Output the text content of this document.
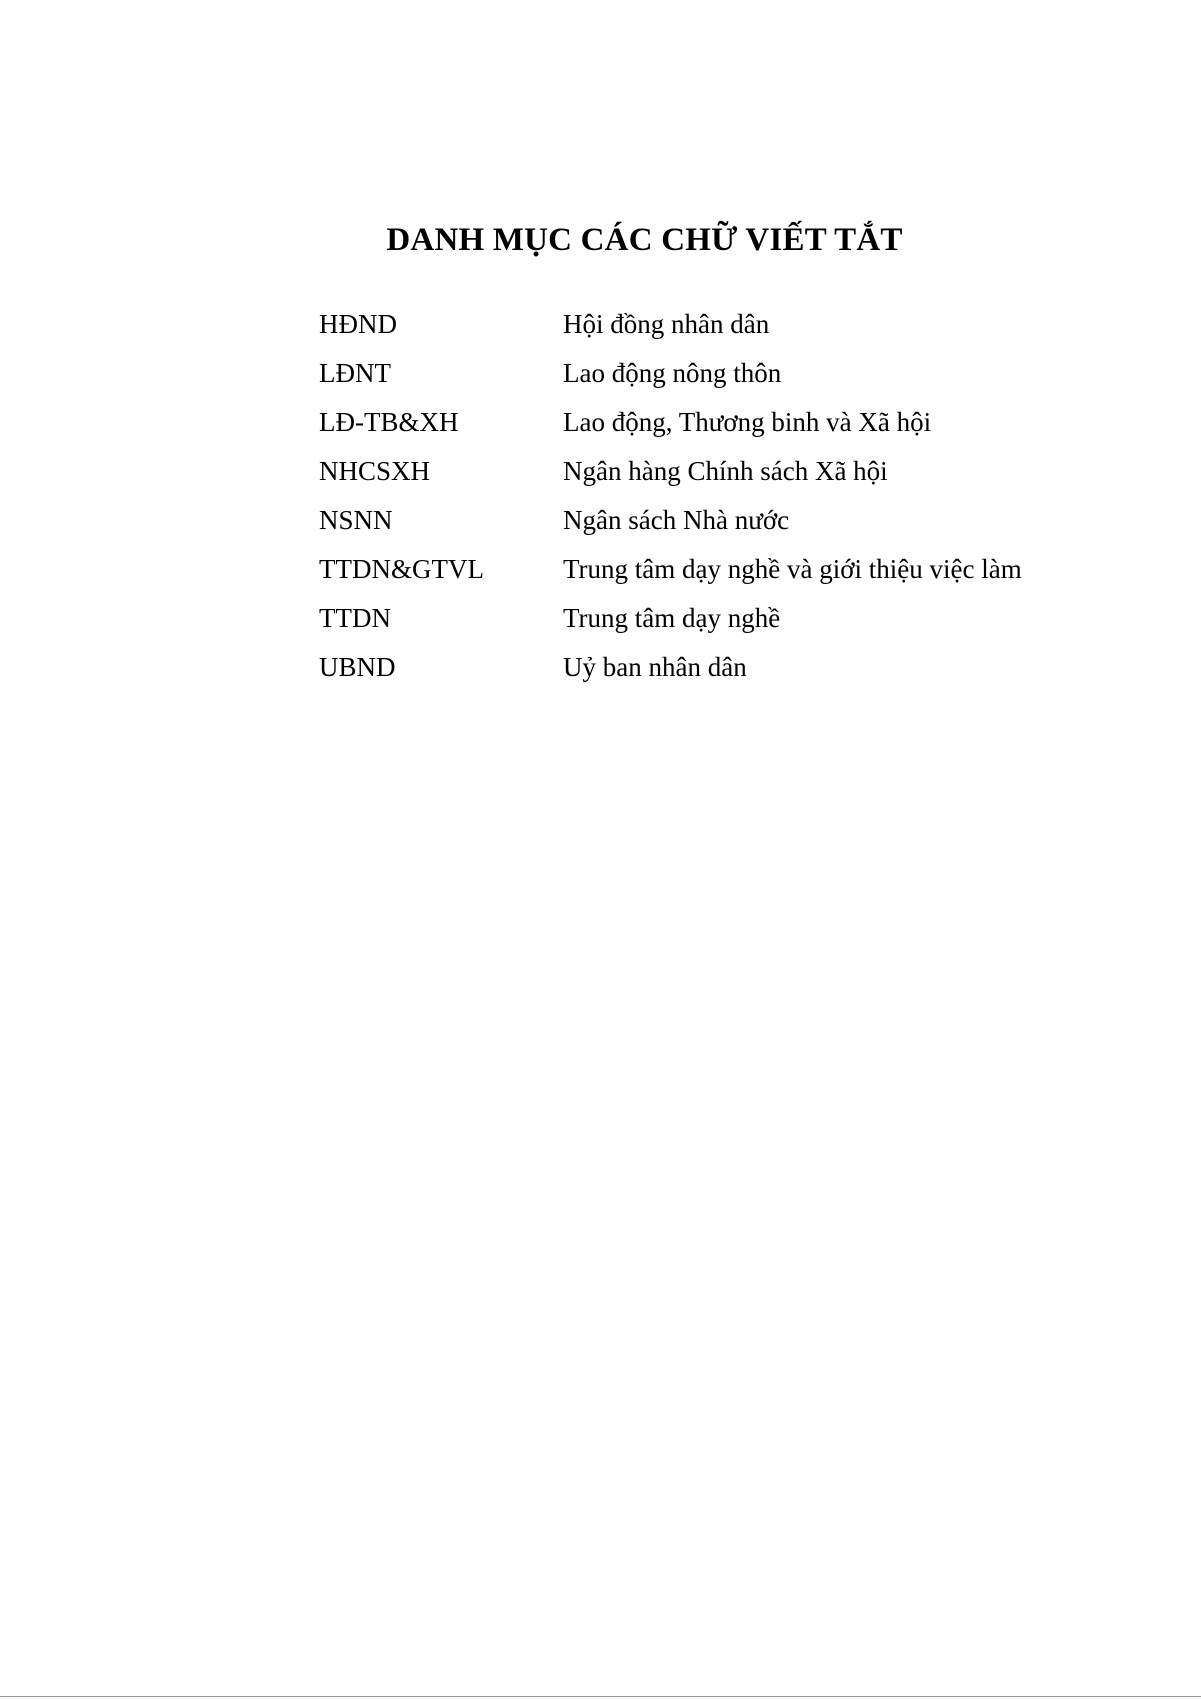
DANH MỤC CÁC CHỮ VIẾT TẮT
HĐND	Hội đồng nhân dân
LĐNT	Lao động nông thôn
LĐ-TB&XH	Lao động, Thương binh và Xã hội
NHCSXH	Ngân hàng Chính sách Xã hội
NSNN	Ngân sách Nhà nước
TTDN&GTVL	Trung tâm dạy nghề và giới thiệu việc làm
TTDN	Trung tâm dạy nghề
UBND	Uỷ ban nhân dân
